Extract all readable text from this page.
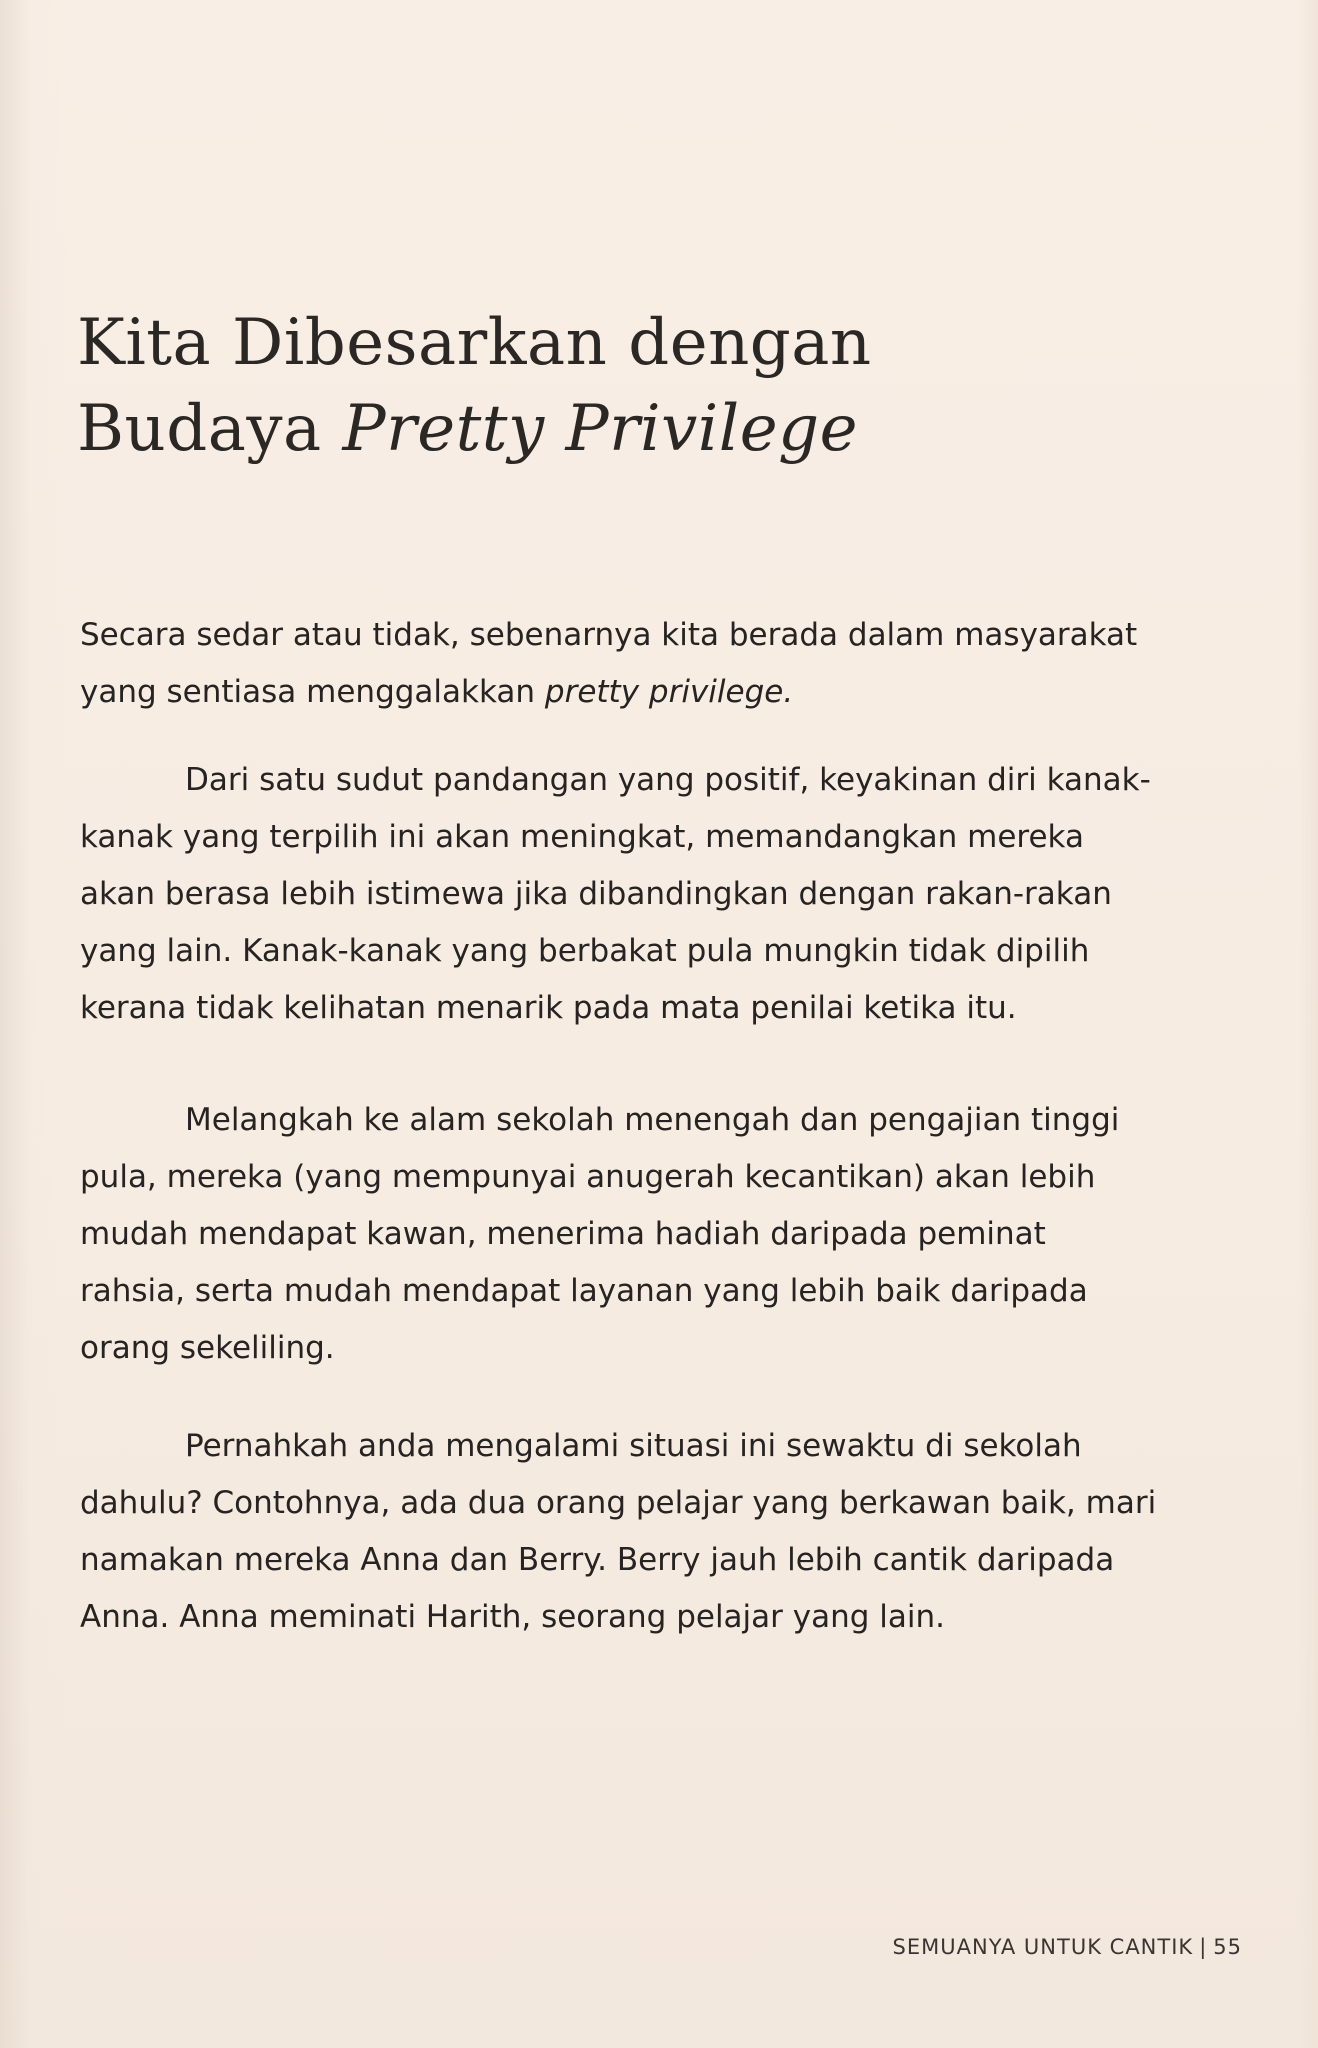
Kita Dibesarkan dengan
Budaya Pretty Privilege
Secara sedar atau tidak, sebenarnya kita berada dalam masyarakat
yang sentiasa menggalakkan pretty privilege.
Dari satu sudut pandangan yang positif, keyakinan diri kanak-
kanak yang terpilih ini akan meningkat, memandangkan mereka
akan berasa lebih istimewa jika dibandingkan dengan rakan-rakan
yang lain. Kanak-kanak yang berbakat pula mungkin tidak dipilih
kerana tidak kelihatan menarik pada mata penilai ketika itu.
Melangkah ke alam sekolah menengah dan pengajian tinggi
pula, mereka (yang mempunyai anugerah kecantikan) akan lebih
mudah mendapat kawan, menerima hadiah daripada peminat
rahsia, serta mudah mendapat layanan yang lebih baik daripada
orang sekeliling.
Pernahkah anda mengalami situasi ini sewaktu di sekolah
dahulu? Contohnya, ada dua orang pelajar yang berkawan baik, mari
namakan mereka Anna dan Berry. Berry jauh lebih cantik daripada
Anna. Anna meminati Harith, seorang pelajar yang lain.
SEMUANYA UNTUK CANTIK | 55
